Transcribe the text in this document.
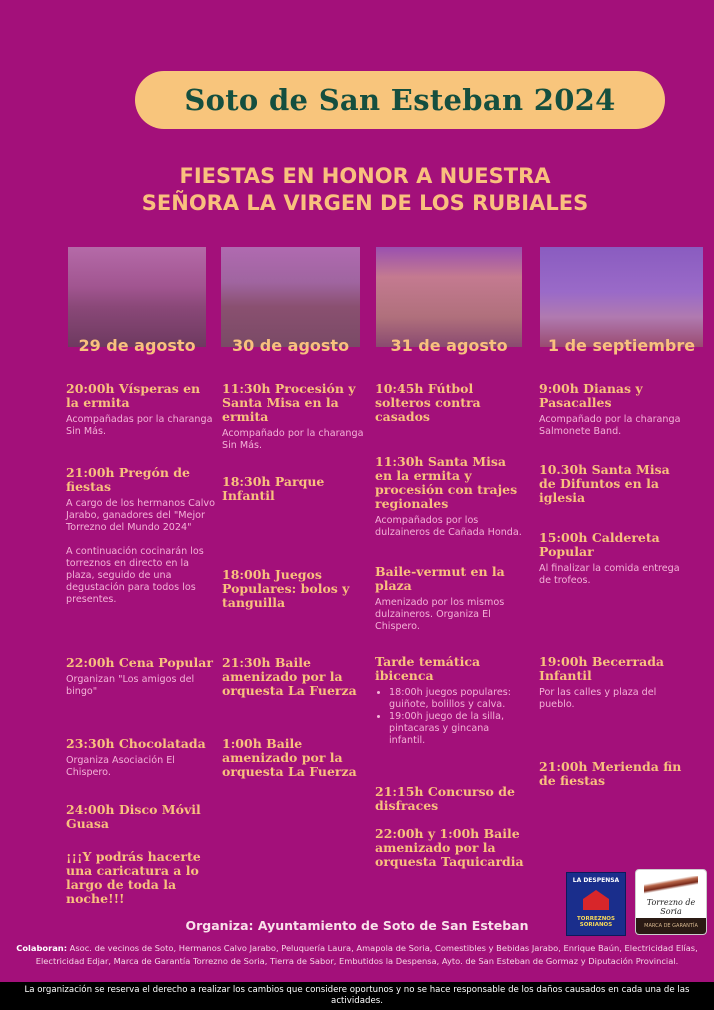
Soto de San Esteban 2024
FIESTAS EN HONOR A NUESTRA
SEÑORA LA VIRGEN DE LOS RUBIALES
29 de agosto	30 de agosto	31 de agosto	1 de septiembre

20:00h Vísperas en la ermita

Acompañadas por la charanga Sin Más.

21:00h Pregón de fiestas

A cargo de los hermanos Calvo Jarabo, ganadores del "Mejor Torrezno del Mundo 2024"

A continuación cocinarán los torreznos en directo en la plaza, seguido de una degustación para todos los presentes.

22:00h Cena Popular

Organizan "Los amigos del bingo"

23:30h Chocolatada

Organiza Asociación El Chispero.

24:00h Disco Móvil Guasa

¡¡¡Y podrás hacerte una caricatura a lo largo de toda la noche!!!

11:30h Procesión y Santa Misa en la ermita

Acompañado por la charanga Sin Más.

18:30h Parque Infantil

18:00h Juegos Populares: bolos y tanguilla

21:30h Baile amenizado por la orquesta La Fuerza

1:00h Baile amenizado por la orquesta La Fuerza

10:45h Fútbol solteros contra casados

11:30h Santa Misa en la ermita y procesión con trajes regionales

Acompañados por los dulzaineros de Cañada Honda.

Baile-vermut en la plaza

Amenizado por los mismos dulzaineros. Organiza El Chispero.

Tarde temática ibicenca

• 18:00h juegos populares: guiñote, bolillos y calva.
• 19:00h juego de la silla, pintacaras y gincana infantil.

21:15h Concurso de disfraces

22:00h y 1:00h Baile amenizado por la orquesta Taquicardia

9:00h Dianas y Pasacalles

Acompañado por la charanga Salmonete Band.

10.30h Santa Misa de Difuntos en la iglesia

15:00h Caldereta Popular

Al finalizar la comida entrega de trofeos.

19:00h Becerrada Infantil

Por las calles y plaza del pueblo.

21:00h Merienda fin de fiestas

LA DESPENSA
TORREZNOS SORIANOS
Torrezno de Soria
MARCA DE GARANTÍA
Organiza: Ayuntamiento de Soto de San Esteban
Colaboran: Asoc. de vecinos de Soto, Hermanos Calvo Jarabo, Peluquería Laura, Amapola de Soria, Comestibles y Bebidas Jarabo, Enrique Baún, Electricidad Elías, Electricidad Edjar, Marca de Garantía Torrezno de Soria, Tierra de Sabor, Embutidos la Despensa, Ayto. de San Esteban de Gormaz y Diputación Provincial.
La organización se reserva el derecho a realizar los cambios que considere oportunos y no se hace responsable de los daños causados en cada una de las actividades.
